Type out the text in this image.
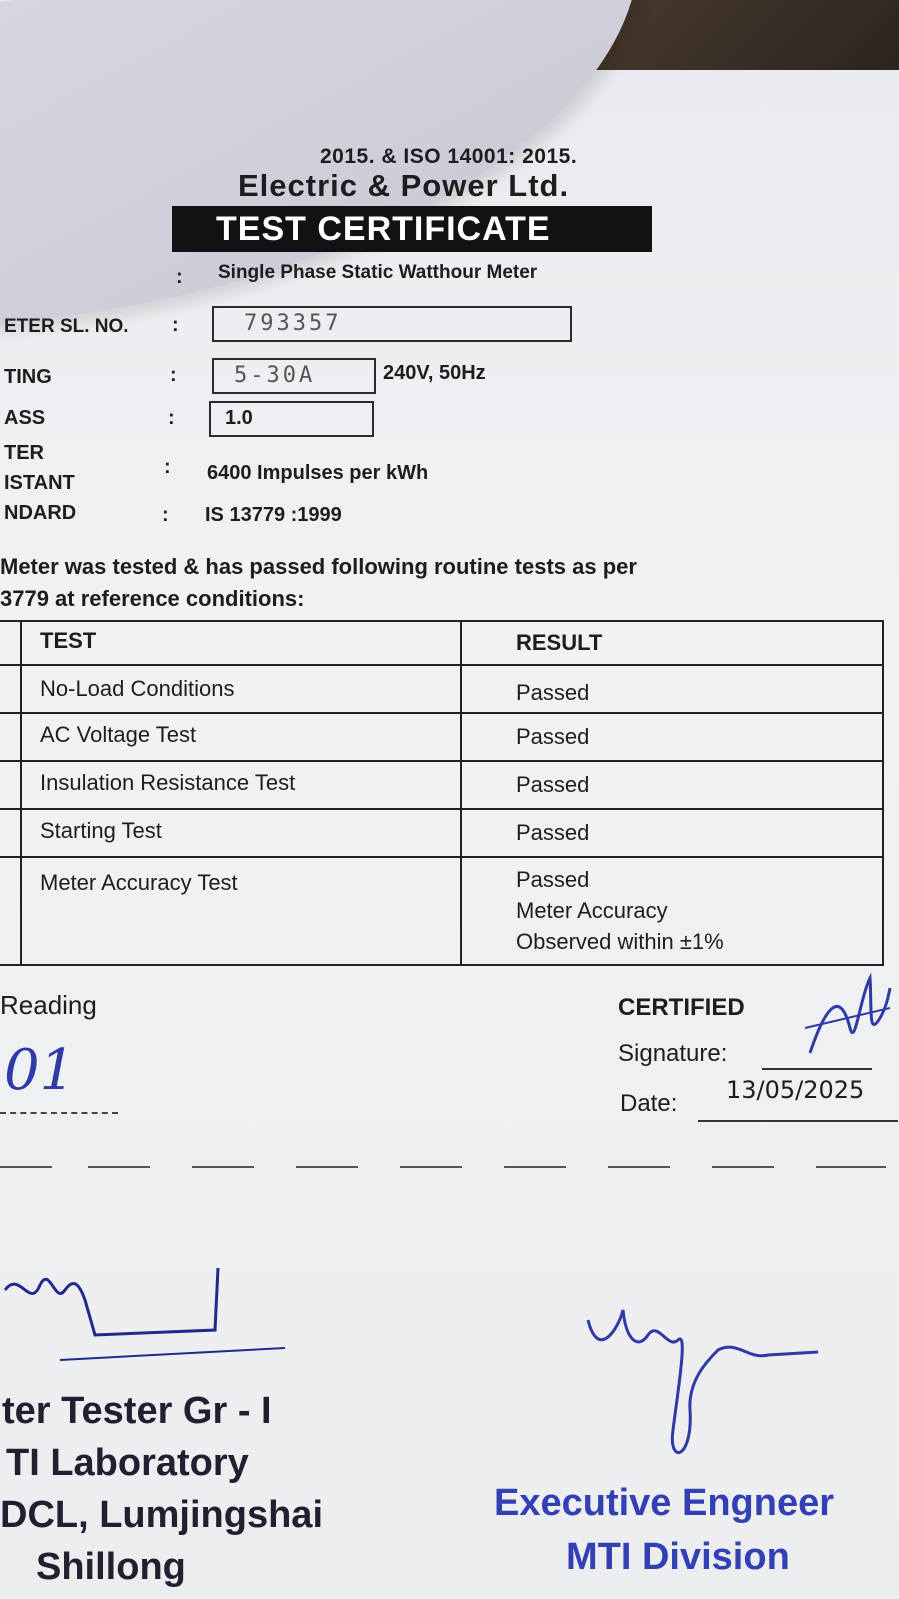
2015. & ISO 14001: 2015.
Electric & Power Ltd.
TEST CERTIFICATE
: Single Phase Static Watthour Meter
ETER SL. NO. :	793357
TING	:	5-30A	240V, 50Hz
ASS	:	1.0
TER
ISTANT
: 6400 Impulses per kWh
NDARD	: IS 13779 :1999
Meter was tested & has passed following routine tests as per
3779 at reference conditions:
	TEST	RESULT
	No-Load Conditions	Passed
	AC Voltage Test	Passed
	Insulation Resistance Test	Passed
	Starting Test	Passed
	Meter Accuracy Test	Passed
Meter Accuracy
Observed within ±1%
Reading
01
CERTIFIED
Signature:
Date: 13/05/2025
ter Tester Gr - I
TI Laboratory
DCL, Lumjingshai
Shillong
Executive Engneer
MTI Division
